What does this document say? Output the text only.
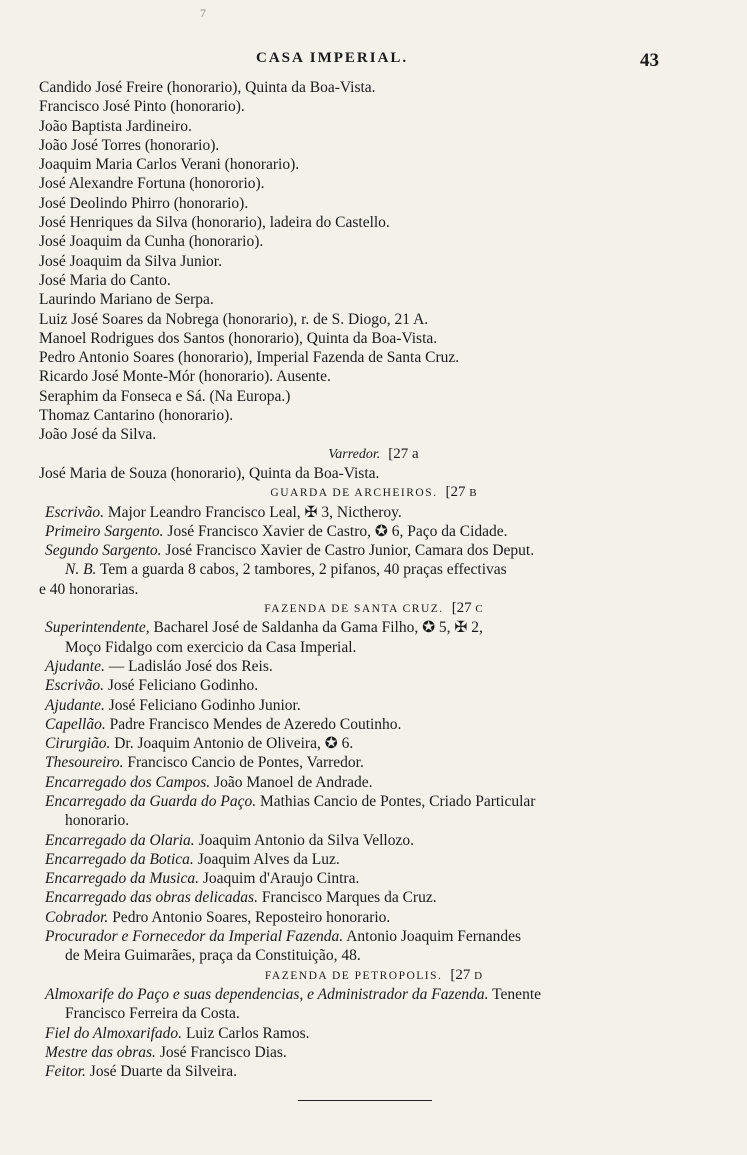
7
CASA IMPERIAL.	43
Candido José Freire (honorario), Quinta da Boa-Vista.
Francisco José Pinto (honorario).
João Baptista Jardineiro.
João José Torres (honorario).
Joaquim Maria Carlos Verani (honorario).
José Alexandre Fortuna (honororio).
José Deolindo Phirro (honorario).
José Henriques da Silva (honorario), ladeira do Castello.
José Joaquim da Cunha (honorario).
José Joaquim da Silva Junior.
José Maria do Canto.
Laurindo Mariano de Serpa.
Luiz José Soares da Nobrega (honorario), r. de S. Diogo, 21 A.
Manoel Rodrigues dos Santos (honorario), Quinta da Boa-Vista.
Pedro Antonio Soares (honorario), Imperial Fazenda de Santa Cruz.
Ricardo José Monte-Mór (honorario). Ausente.
Seraphim da Fonseca e Sá. (Na Europa.)
Thomaz Cantarino (honorario).
João José da Silva.
Varredor. [27 a
José Maria de Souza (honorario), Quinta da Boa-Vista.
GUARDA DE ARCHEIROS. [27 b
Escrivão. Major Leandro Francisco Leal, ✠ 3, Nictheroy.
Primeiro Sargento. José Francisco Xavier de Castro, ✪ 6, Paço da Cidade.
Segundo Sargento. José Francisco Xavier de Castro Junior, Camara dos Deput.
N. B. Tem a guarda 8 cabos, 2 tambores, 2 pifanos, 40 praças effectivas
e 40 honorarias.
FAZENDA DE SANTA CRUZ. [27 c
Superintendente, Bacharel José de Saldanha da Gama Filho, ✪ 5, ✠ 2,
Moço Fidalgo com exercicio da Casa Imperial.
Ajudante. — Ladisláo José dos Reis.
Escrivão. José Feliciano Godinho.
Ajudante. José Feliciano Godinho Junior.
Capellão. Padre Francisco Mendes de Azeredo Coutinho.
Cirurgião. Dr. Joaquim Antonio de Oliveira, ✪ 6.
Thesoureiro. Francisco Cancio de Pontes, Varredor.
Encarregado dos Campos. João Manoel de Andrade.
Encarregado da Guarda do Paço. Mathias Cancio de Pontes, Criado Particular
honorario.
Encarregado da Olaria. Joaquim Antonio da Silva Vellozo.
Encarregado da Botica. Joaquim Alves da Luz.
Encarregado da Musica. Joaquim d'Araujo Cintra.
Encarregado das obras delicadas. Francisco Marques da Cruz.
Cobrador. Pedro Antonio Soares, Reposteiro honorario.
Procurador e Fornecedor da Imperial Fazenda. Antonio Joaquim Fernandes
de Meira Guimarães, praça da Constituição, 48.
FAZENDA DE PETROPOLIS. [27 d
Almoxarife do Paço e suas dependencias, e Administrador da Fazenda. Tenente
Francisco Ferreira da Costa.
Fiel do Almoxarifado. Luiz Carlos Ramos.
Mestre das obras. José Francisco Dias.
Feitor. José Duarte da Silveira.
